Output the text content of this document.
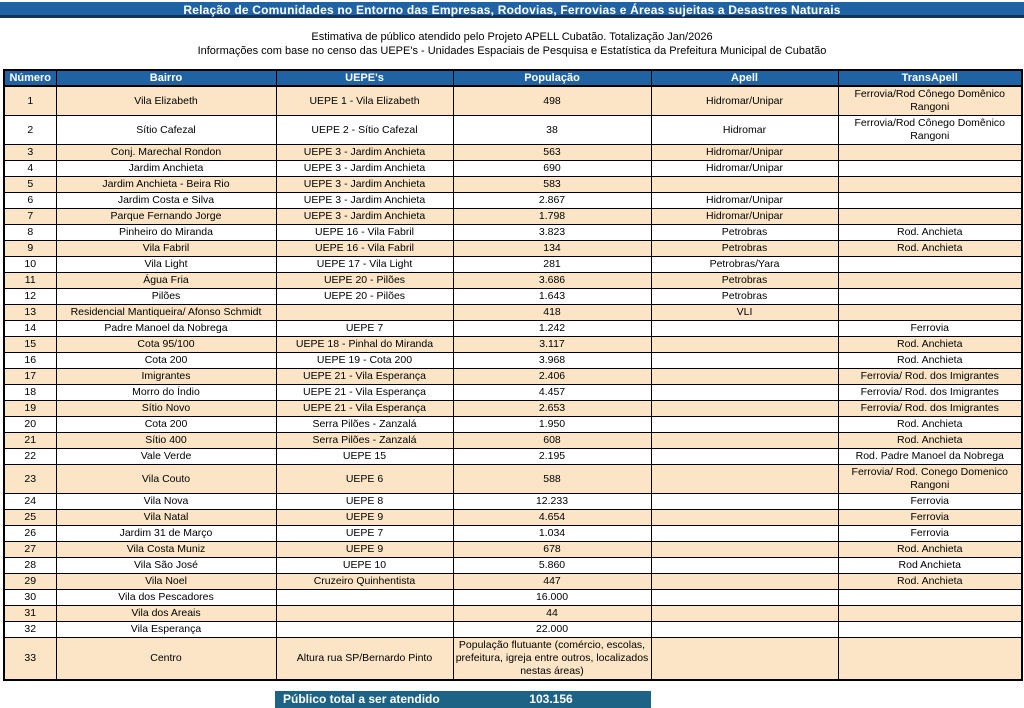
Relação de Comunidades no Entorno das Empresas, Rodovias, Ferrovias e Áreas sujeitas a Desastres Naturais
Estimativa de público atendido pelo Projeto APELL Cubatão. Totalização Jan/2026
Informações com base no censo das UEPE's - Unidades Espaciais de Pesquisa e Estatística da Prefeitura Municipal de Cubatão
Número	Bairro	UEPE's	População	Apell	TransApell
1	Vila Elizabeth	UEPE 1 - Vila Elizabeth	498	Hidromar/Unipar	Ferrovia/Rod Cônego Domênico Rangoni
2	Sítio Cafezal	UEPE 2 - Sítio Cafezal	38	Hidromar	Ferrovia/Rod Cônego Domênico Rangoni
3	Conj. Marechal Rondon	UEPE 3 - Jardim Anchieta	563	Hidromar/Unipar	
4	Jardim Anchieta	UEPE 3 - Jardim Anchieta	690	Hidromar/Unipar	
5	Jardim Anchieta - Beira Rio	UEPE 3 - Jardim Anchieta	583		
6	Jardim Costa e Silva	UEPE 3 - Jardim Anchieta	2.867	Hidromar/Unipar	
7	Parque Fernando Jorge	UEPE 3 - Jardim Anchieta	1.798	Hidromar/Unipar	
8	Pinheiro do Miranda	UEPE 16 - Vila Fabril	3.823	Petrobras	Rod. Anchieta
9	Vila Fabril	UEPE 16 - Vila Fabril	134	Petrobras	Rod. Anchieta
10	Vila Light	UEPE 17 - Vila Light	281	Petrobras/Yara	
11	Água Fria	UEPE 20 - Pilões	3.686	Petrobras	
12	Pilões	UEPE 20 - Pilões	1.643	Petrobras	
13	Residencial Mantiqueira/ Afonso Schmidt		418	VLI	
14	Padre Manoel da Nobrega	UEPE 7	1.242		Ferrovia
15	Cota 95/100	UEPE 18 - Pinhal do Miranda	3.117		Rod. Anchieta
16	Cota 200	UEPE 19 - Cota 200	3.968		Rod. Anchieta
17	Imigrantes	UEPE 21 - Vila Esperança	2.406		Ferrovia/ Rod. dos Imigrantes
18	Morro do Índio	UEPE 21 - Vila Esperança	4.457		Ferrovia/ Rod. dos Imigrantes
19	Sítio Novo	UEPE 21 - Vila Esperança	2.653		Ferrovia/ Rod. dos Imigrantes
20	Cota 200	Serra Pilões - Zanzalá	1.950		Rod. Anchieta
21	Sítio 400	Serra Pilões - Zanzalá	608		Rod. Anchieta
22	Vale Verde	UEPE 15	2.195		Rod. Padre Manoel da Nobrega
23	Vila Couto	UEPE 6	588		Ferrovia/ Rod. Conego Domenico Rangoni
24	Vila Nova	UEPE 8	12.233		Ferrovia
25	Vila Natal	UEPE 9	4.654		Ferrovia
26	Jardim 31 de Março	UEPE 7	1.034		Ferrovia
27	Vila Costa Muniz	UEPE 9	678		Rod. Anchieta
28	Vila São José	UEPE 10	5.860		Rod Anchieta
29	Vila Noel	Cruzeiro Quinhentista	447		Rod. Anchieta
30	Vila dos Pescadores		16.000		
31	Vila dos Areais		44		
32	Vila Esperança		22.000		
33	Centro	Altura rua SP/Bernardo Pinto	População flutuante (comércio, escolas, prefeitura, igreja entre outros, localizados nestas áreas)		
Público total a ser atendido	103.156
